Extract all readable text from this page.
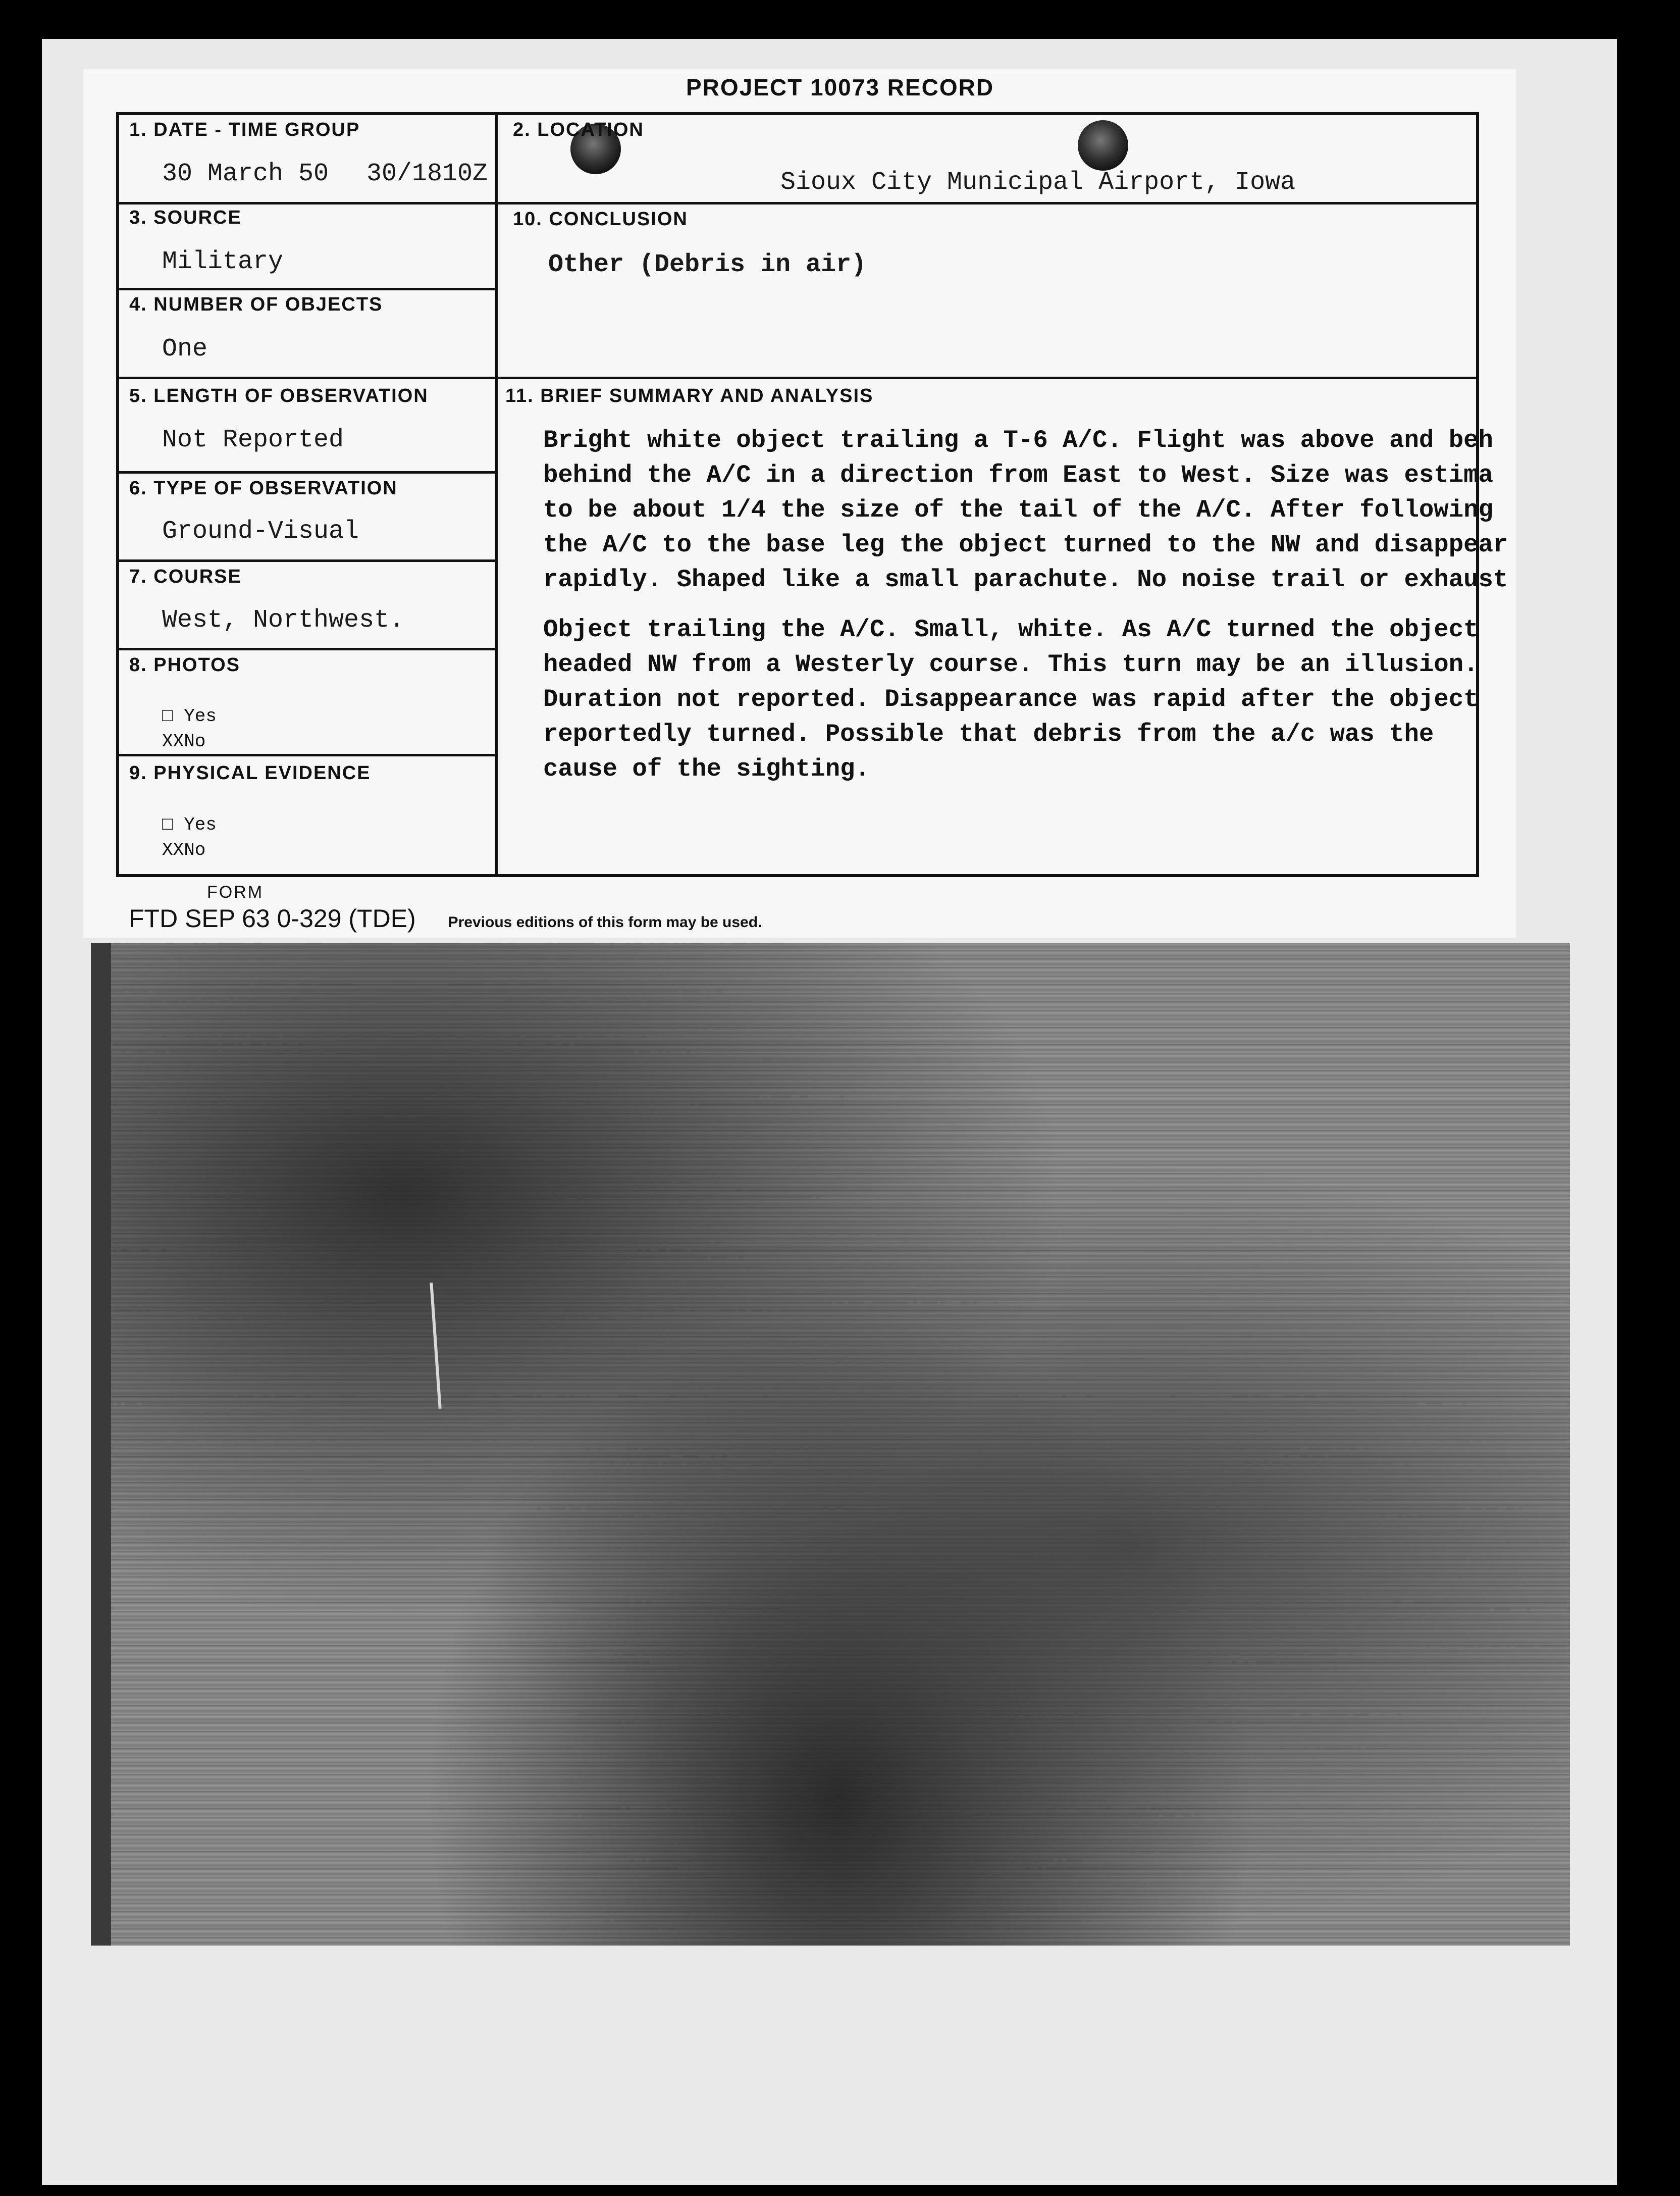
PROJECT 10073 RECORD
1. DATE - TIME GROUP
30 March 50 30/1810Z
2. LOCATION
Sioux City Municipal Airport, Iowa
3. SOURCE
Military
10. CONCLUSION
Other (Debris in air)
4. NUMBER OF OBJECTS
One
5. LENGTH OF OBSERVATION
Not Reported
11. BRIEF SUMMARY AND ANALYSIS
Bright white object trailing a T-6 A/C. Flight was above and beh
behind the A/C in a direction from East to West. Size was estima
to be about 1/4 the size of the tail of the A/C. After following
the A/C to the base leg the object turned to the NW and disappear
rapidly. Shaped like a small parachute. No noise trail or exhaust
Object trailing the A/C. Small, white. As A/C turned the object
headed NW from a Westerly course. This turn may be an illusion.
Duration not reported. Disappearance was rapid after the object
reportedly turned. Possible that debris from the a/c was the
cause of the sighting.
6. TYPE OF OBSERVATION
Ground-Visual
7. COURSE
West, Northwest.
8. PHOTOS
□ Yes
XXNo
9. PHYSICAL EVIDENCE
□ Yes
XXNo
FORM
FTD SEP 63 0-329 (TDE) Previous editions of this form may be used.
